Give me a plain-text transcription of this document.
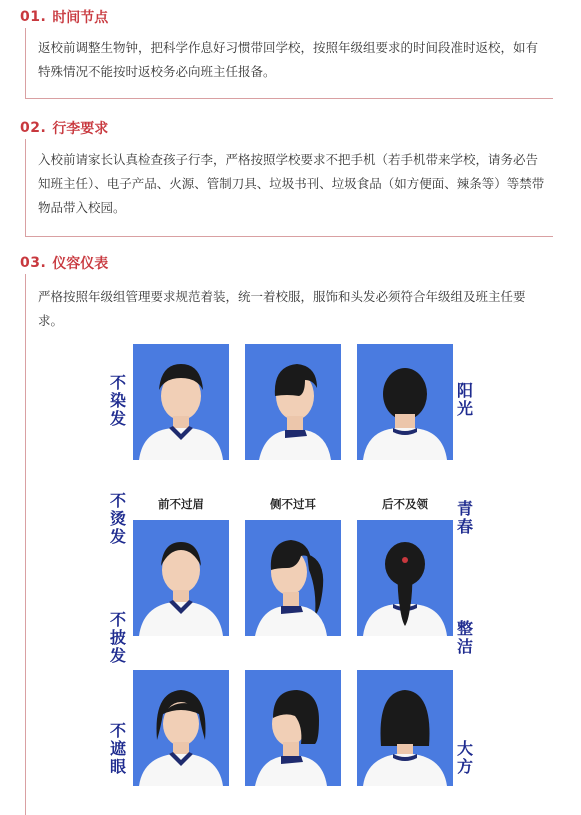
01. 时间节点
返校前调整生物钟，把科学作息好习惯带回学校，按照年级组要求的时间段准时返校，如有特殊情况不能按时返校务必向班主任报备。
02. 行李要求
入校前请家长认真检查孩子行李，严格按照学校要求不把手机（若手机带来学校，请务必告知班主任）、电子产品、火源、管制刀具、垃圾书刊、垃圾食品（如方便面、辣条等）等禁带物品带入校园。
03. 仪容仪表
严格按照年级组管理要求规范着装，统一着校服，服饰和头发必须符合年级组及班主任要求。
不
染
发
不
烫
发
不
披
发
不
遮
眼
阳
光
青
春
整
洁
大
方
前不过眉	侧不过耳	后不及领
